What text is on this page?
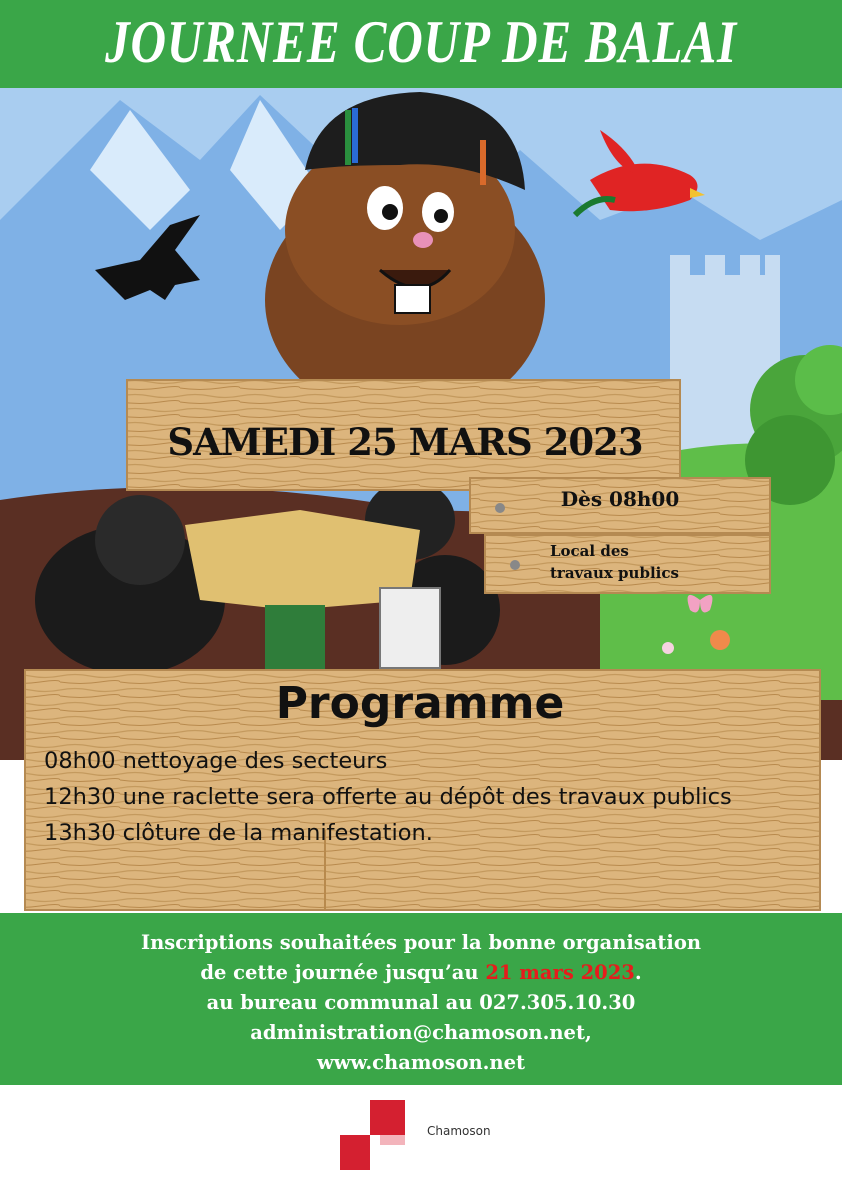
JOURNEE COUP DE BALAI
SAMEDI 25 MARS 2023
Dès 08h00
Local des
travaux publics
Programme
08h00 nettoyage des secteurs
12h30 une raclette sera offerte au dépôt des travaux publics
13h30 clôture de la manifestation.
Inscriptions souhaitées pour la bonne organisation
de cette journée jusqu’au 21 mars 2023.
au bureau communal au 027.305.10.30
administration@chamoson.net,
www.chamoson.net
Chamoson
